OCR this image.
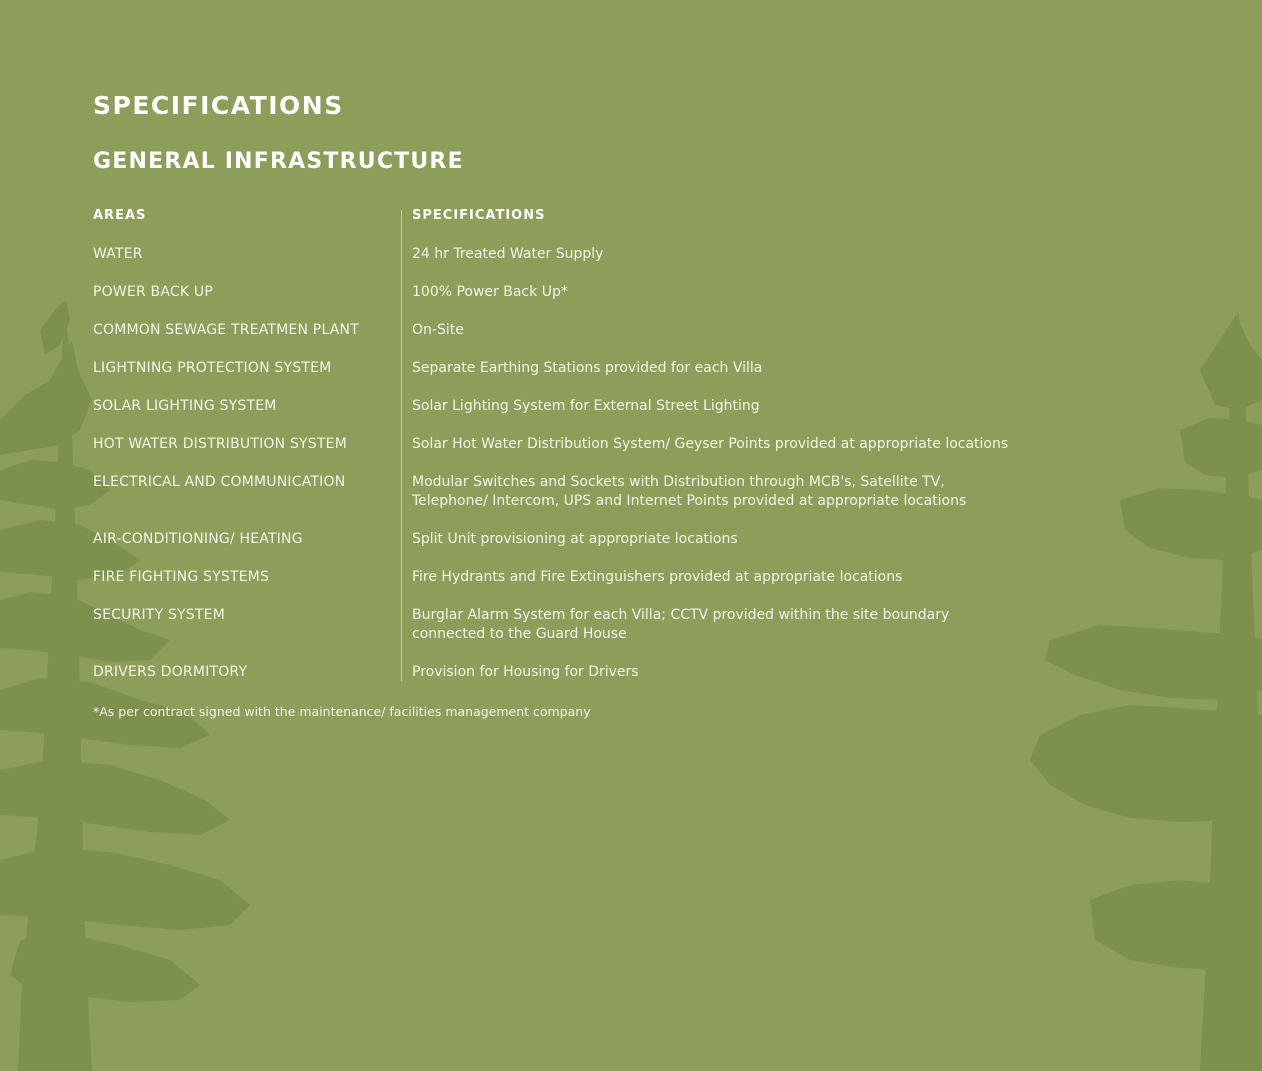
SPECIFICATIONS
GENERAL INFRASTRUCTURE
AREAS	SPECIFICATIONS
WATER	24 hr Treated Water Supply
POWER BACK UP	100% Power Back Up*
COMMON SEWAGE TREATMEN PLANT	On-Site
LIGHTNING PROTECTION SYSTEM	Separate Earthing Stations provided for each Villa
SOLAR LIGHTING SYSTEM	Solar Lighting System for External Street Lighting
HOT WATER DISTRIBUTION SYSTEM	Solar Hot Water Distribution System/ Geyser Points provided at appropriate locations
ELECTRICAL AND COMMUNICATION	Modular Switches and Sockets with Distribution through MCB's, Satellite TV,
Telephone/ Intercom, UPS and Internet Points provided at appropriate locations
AIR-CONDITIONING/ HEATING	Split Unit provisioning at appropriate locations
FIRE FIGHTING SYSTEMS	Fire Hydrants and Fire Extinguishers provided at appropriate locations
SECURITY SYSTEM	Burglar Alarm System for each Villa; CCTV provided within the site boundary
connected to the Guard House
DRIVERS DORMITORY	Provision for Housing for Drivers
*As per contract signed with the maintenance/ facilities management company
